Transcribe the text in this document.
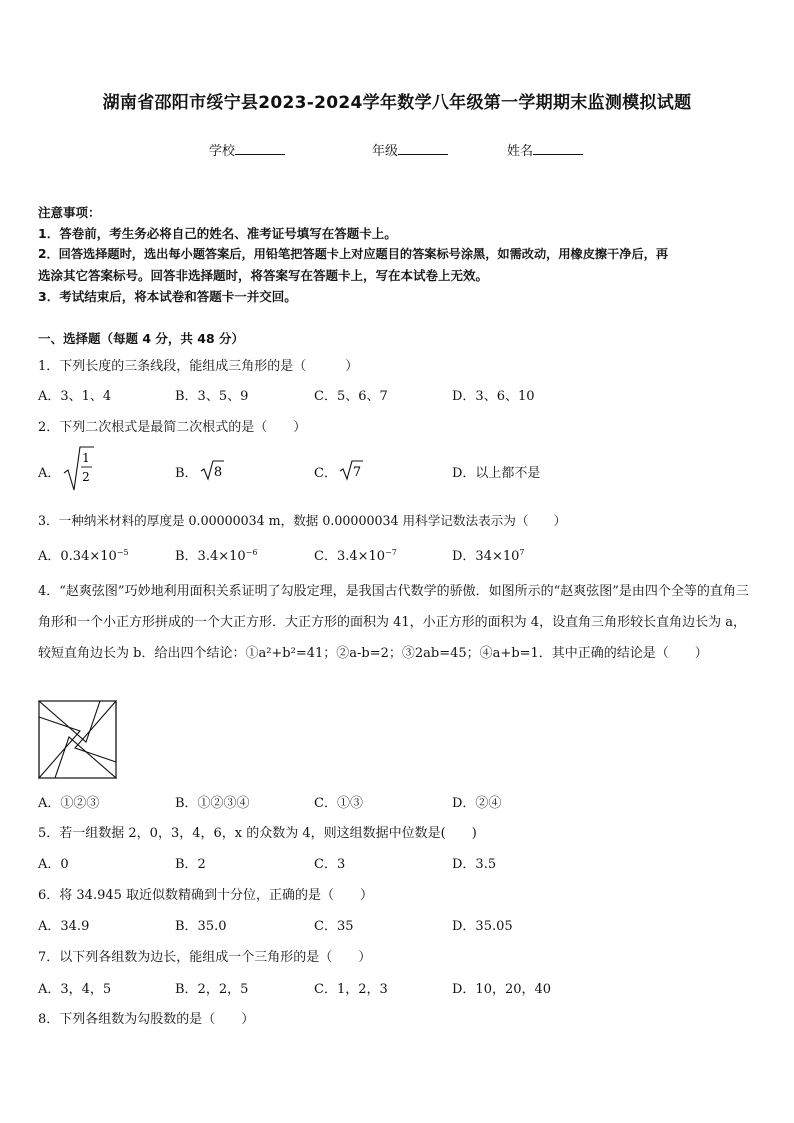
湖南省邵阳市绥宁县2023-2024学年数学八年级第一学期期末监测模拟试题
学校	年级	姓名
注意事项：
1．答卷前，考生务必将自己的姓名、准考证号填写在答题卡上。
2．回答选择题时，选出每小题答案后，用铅笔把答题卡上对应题目的答案标号涂黑，如需改动，用橡皮擦干净后，再
选涂其它答案标号。回答非选择题时，将答案写在答题卡上，写在本试卷上无效。
3．考试结束后，将本试卷和答题卡一并交回。
一、选择题（每题 4 分，共 48 分）
1．下列长度的三条线段，能组成三角形的是（　　　）
A．3、1、4	B．3、5、9	C．5、6、7	D．3、6、10
2．下列二次根式是最简二次根式的是（　　）
A．
1
2	B． 8	C． 7	D．以上都不是
3．一种纳米材料的厚度是 0.00000034 m，数据 0.00000034 用科学记数法表示为（　　）
A．$0.34\times 10^{-5}$	B．$3.4\times 10^{-6}$	C．$3.4\times 10^{-7}$	D．$34\times 10^7$
4．“赵爽弦图”巧妙地利用面积关系证明了勾股定理，是我国古代数学的骄傲．如图所示的“赵爽弦图”是由四个全等的直角三角形和一个小正方形拼成的一个大正方形．大正方形的面积为 41，小正方形的面积为 4，设直角三角形较长直角边长为 a，较短直角边长为 b．给出四个结论：①a²+b²=41；②a-b=2；③2ab=45；④a+b=1．其中正确的结论是（　　）
A．①②③	B．①②③④	C．①③	D．②④
5．若一组数据 2，0，3，4，6，x 的众数为 4，则这组数据中位数是(　　)
A．0	B．2	C．3	D．3.5
6．将 34.945 取近似数精确到十分位，正确的是（　　）
A．34.9	B．35.0	C．35	D．35.05
7．以下列各组数为边长，能组成一个三角形的是（　　）
A．3，4，5	B．2，2，5	C．1，2，3	D．10，20，40
8．下列各组数为勾股数的是（　　）
